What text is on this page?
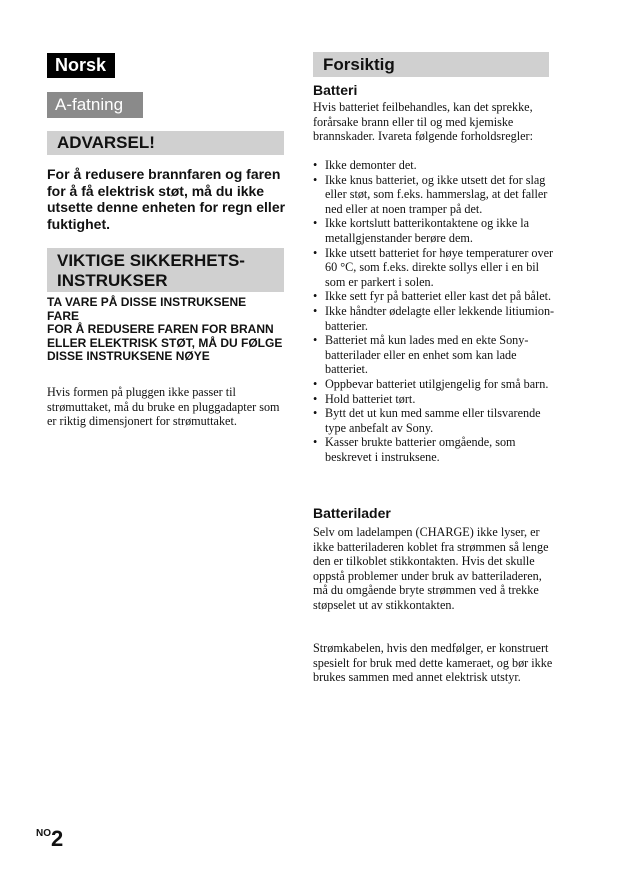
Norsk
A-fatning
ADVARSEL!
For å redusere brannfaren og faren for å få elektrisk støt, må du ikke utsette denne enheten for regn eller fuktighet.
VIKTIGE SIKKERHETS-
INSTRUKSER
TA VARE PÅ DISSE INSTRUKSENE
FARE
FOR Å REDUSERE FAREN FOR BRANN ELLER ELEKTRISK STØT, MÅ DU FØLGE DISSE INSTRUKSENE NØYE
Hvis formen på pluggen ikke passer til strømuttaket, må du bruke en pluggadapter som er riktig dimensjonert for strømuttaket.
Forsiktig
Batteri
Hvis batteriet feilbehandles, kan det sprekke, forårsake brann eller til og med kjemiske brannskader. Ivareta følgende forholdsregler:
• Ikke demonter det.
• Ikke knus batteriet, og ikke utsett det for slag eller støt, som f.eks. hammerslag, at det faller ned eller at noen tramper på det.
• Ikke kortslutt batterikontaktene og ikke la metallgjenstander berøre dem.
• Ikke utsett batteriet for høye temperaturer over 60 °C, som f.eks. direkte sollys eller i en bil som er parkert i solen.
• Ikke sett fyr på batteriet eller kast det på bålet.
• Ikke håndter ødelagte eller lekkende litiumion-batterier.
• Batteriet må kun lades med en ekte Sony-batterilader eller en enhet som kan lade batteriet.
• Oppbevar batteriet utilgjengelig for små barn.
• Hold batteriet tørt.
• Bytt det ut kun med samme eller tilsvarende type anbefalt av Sony.
• Kasser brukte batterier omgående, som beskrevet i instruksene.
Batterilader
Selv om ladelampen (CHARGE) ikke lyser, er ikke batteriladeren koblet fra strømmen så lenge den er tilkoblet stikkontakten. Hvis det skulle oppstå problemer under bruk av batteriladeren, må du omgående bryte strømmen ved å trekke støpselet ut av stikkontakten.
Strømkabelen, hvis den medfølger, er konstruert spesielt for bruk med dette kameraet, og bør ikke brukes sammen med annet elektrisk utstyr.
$^{NO}$2
